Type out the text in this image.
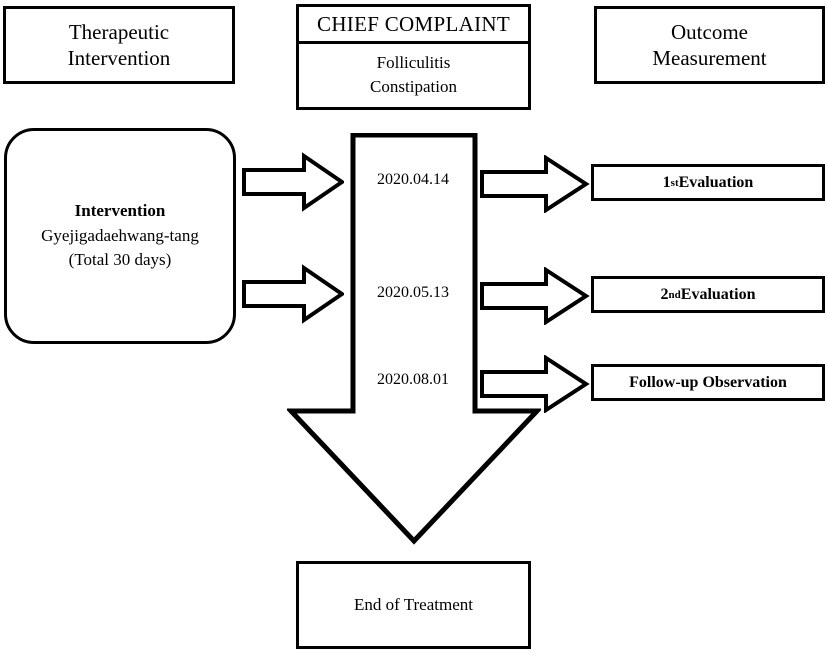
Therapeutic
Intervention
CHIEF COMPLAINT
Folliculitis
Constipation
Outcome
Measurement
Intervention
Gyejigadaehwang-tang
(Total 30 days)
2020.04.14
2020.05.13
2020.08.01
1 st Evaluation
2 nd Evaluation
Follow-up Observation
End of Treatment
